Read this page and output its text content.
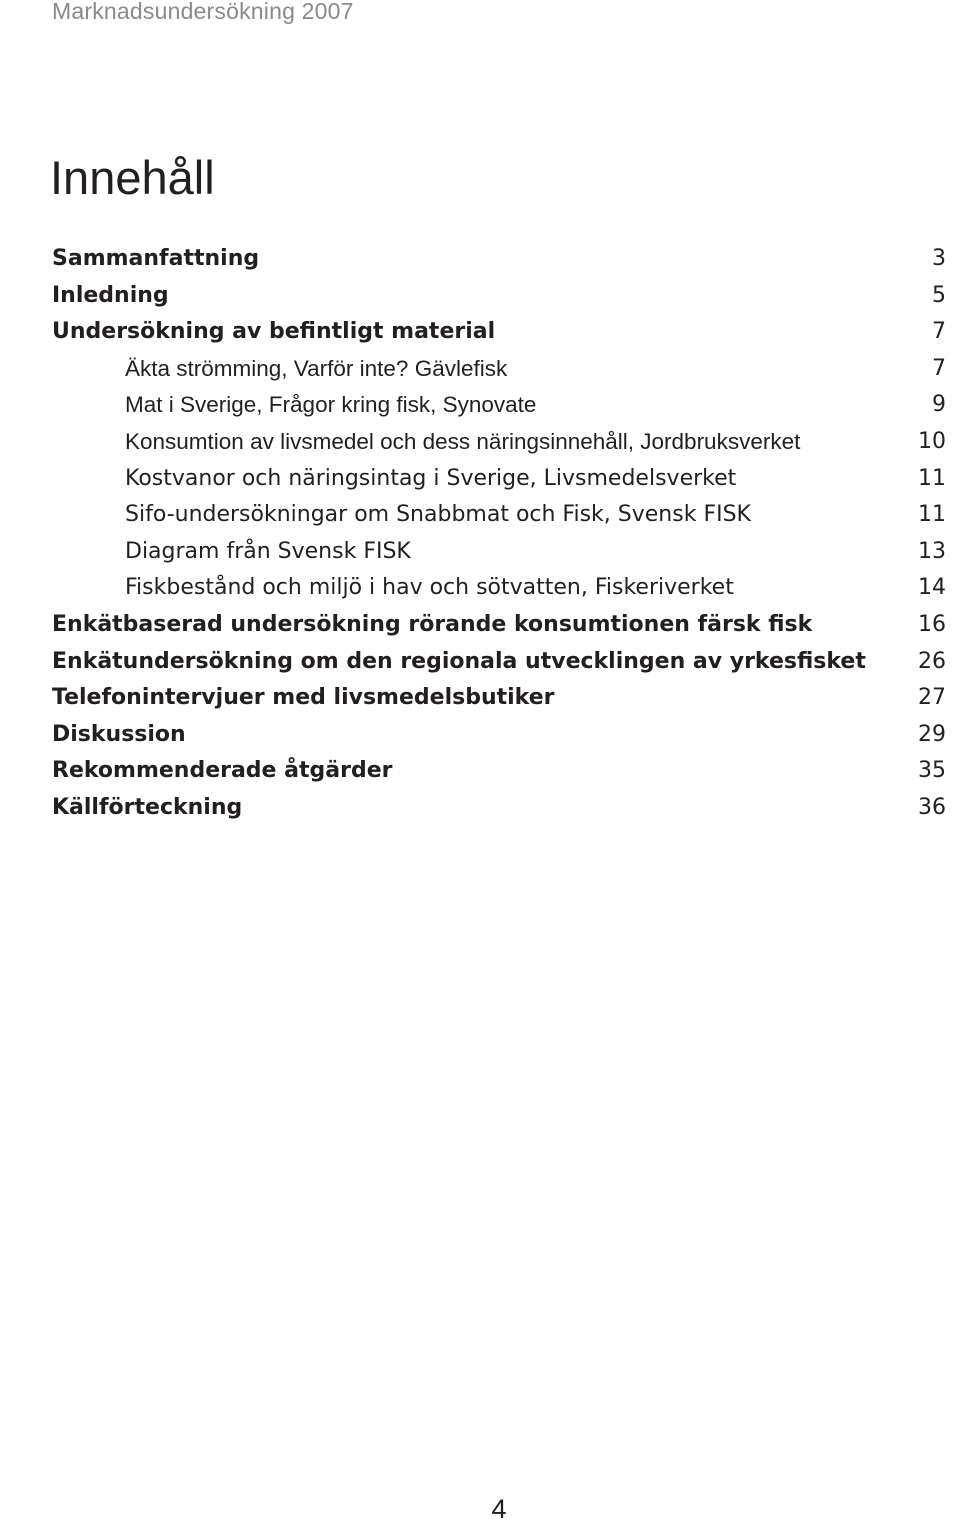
Marknadsundersökning 2007
Innehåll
Sammanfattning	3
Inledning	5
Undersökning av befintligt material	7
Äkta strömming, Varför inte? Gävlefisk	7
Mat i Sverige, Frågor kring fisk, Synovate	9
Konsumtion av livsmedel och dess näringsinnehåll, Jordbruksverket	10
Kostvanor och näringsintag i Sverige, Livsmedelsverket	11
Sifo-undersökningar om Snabbmat och Fisk, Svensk FISK	11
Diagram från Svensk FISK	13
Fiskbestånd och miljö i hav och sötvatten, Fiskeriverket	14
Enkätbaserad undersökning rörande konsumtionen färsk fisk	16
Enkätundersökning om den regionala utvecklingen av yrkesfisket 26
Telefonintervjuer med livsmedelsbutiker	27
Diskussion	29
Rekommenderade åtgärder	35
Källförteckning	36
4
